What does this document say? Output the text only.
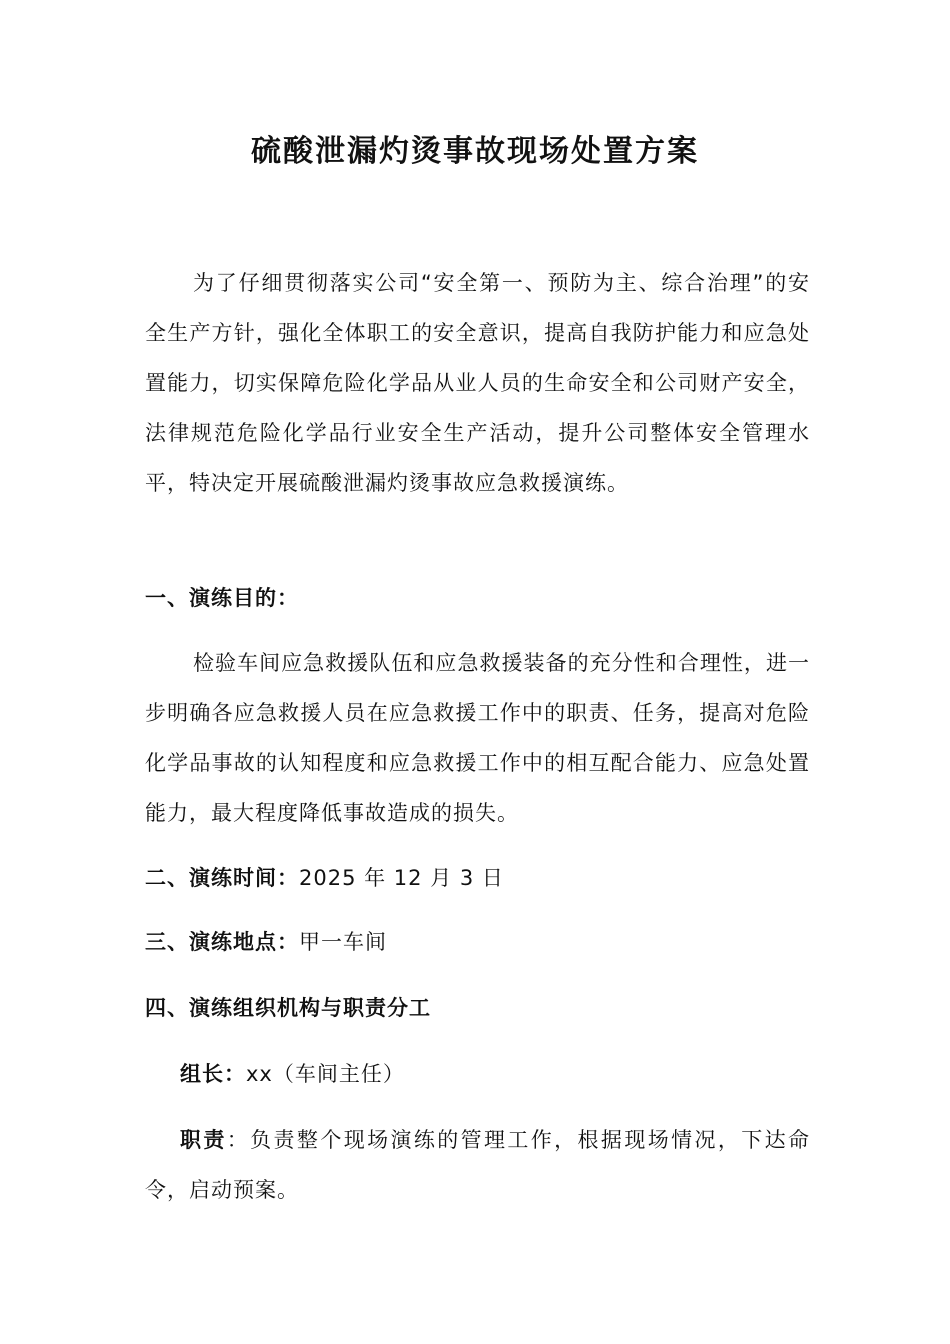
硫酸泄漏灼烫事故现场处置方案

为了仔细贯彻落实公司“安全第一、预防为主、综合治理”的安全生产方针，强化全体职工的安全意识，提高自我防护能力和应急处置能力，切实保障危险化学品从业人员的生命安全和公司财产安全，法律规范危险化学品行业安全生产活动，提升公司整体安全管理水平，特决定开展硫酸泄漏灼烫事故应急救援演练。

一、演练目的：

检验车间应急救援队伍和应急救援装备的充分性和合理性，进一步明确各应急救援人员在应急救援工作中的职责、任务，提高对危险化学品事故的认知程度和应急救援工作中的相互配合能力、应急处置能力，最大程度降低事故造成的损失。

二、演练时间：2025 年 12 月 3 日
三、演练地点：甲一车间
四、演练组织机构与职责分工
组长：xx（车间主任）

职责：负责整个现场演练的管理工作，根据现场情况，下达命令，启动预案。
